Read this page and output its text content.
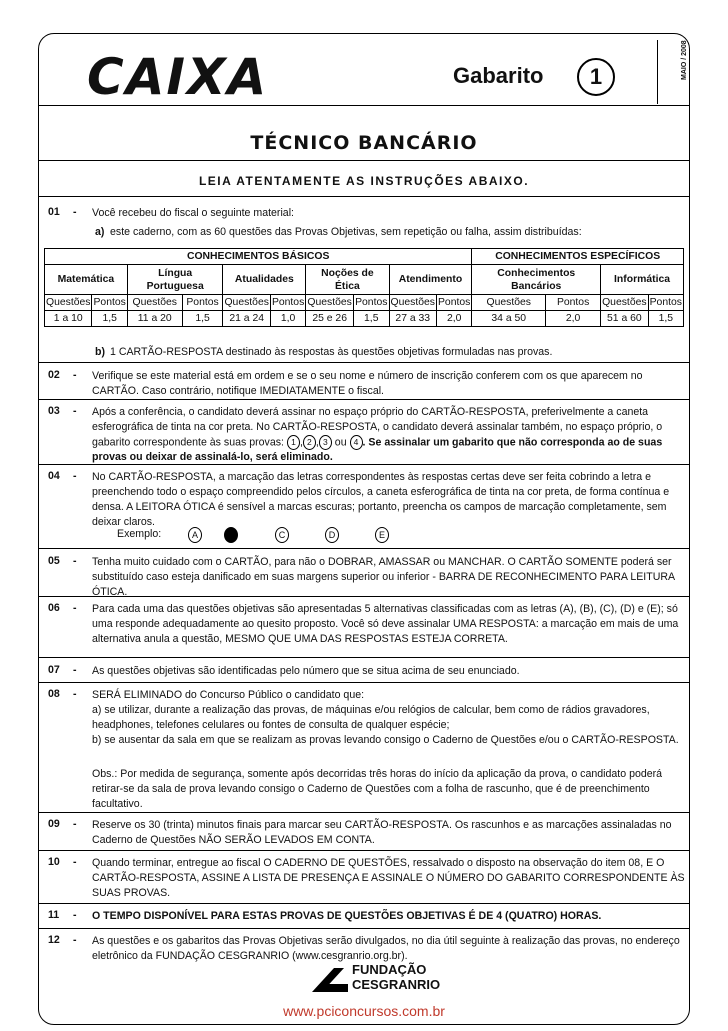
CAIXA	Gabarito	1	MAIO / 2008
TÉCNICO BANCÁRIO
LEIA ATENTAMENTE AS INSTRUÇÕES ABAIXO.
01 - Você recebeu do fiscal o seguinte material:
a) este caderno, com as 60 questões das Provas Objetivas, sem repetição ou falha, assim distribuídas:
CONHECIMENTOS BÁSICOS										CONHECIMENTOS ESPECÍFICOS			
Matemática		Língua Portuguesa		Atualidades		Noções de Ética		Atendimento		Conhecimentos Bancários		Informática	
Questões	Pontos	Questões	Pontos	Questões	Pontos	Questões	Pontos	Questões	Pontos	Questões	Pontos	Questões	Pontos
1 a 10	1,5	11 a 20	1,5	21 a 24	1,0	25 e 26	1,5	27 a 33	2,0	34 a 50	2,0	51 a 60	1,5
b) 1 CARTÃO-RESPOSTA destinado às respostas às questões objetivas formuladas nas provas.
02 - Verifique se este material está em ordem e se o seu nome e número de inscrição conferem com os que aparecem no CARTÃO. Caso contrário, notifique IMEDIATAMENTE o fiscal.
03 - Após a conferência, o candidato deverá assinar no espaço próprio do CARTÃO-RESPOSTA, preferivelmente a caneta esferográfica de tinta na cor preta. No CARTÃO-RESPOSTA, o candidato deverá assinalar também, no espaço próprio, o
gabarito correspondente às suas provas: 1 , 2 , 3 ou 4 . Se assinalar um gabarito que não corresponda ao de suas provas ou deixar de assinalá-lo, será eliminado.
04 - No CARTÃO-RESPOSTA, a marcação das letras correspondentes às respostas certas deve ser feita cobrindo a letra e preenchendo todo o espaço compreendido pelos círculos, a caneta esferográfica de tinta na cor preta, de forma contínua e densa. A LEITORA ÓTICA é sensível a marcas escuras; portanto, preencha os campos de marcação completamente, sem deixar claros.
Exemplo:	A	C	D	E
05 - Tenha muito cuidado com o CARTÃO, para não o DOBRAR, AMASSAR ou MANCHAR. O CARTÃO SOMENTE poderá ser substituído caso esteja danificado em suas margens superior ou inferior - BARRA DE RECONHECIMENTO PARA LEITURA ÓTICA.
06 - Para cada uma das questões objetivas são apresentadas 5 alternativas classificadas com as letras (A), (B), (C), (D) e (E); só uma responde adequadamente ao quesito proposto. Você só deve assinalar UMA RESPOSTA: a marcação em mais de uma alternativa anula a questão, MESMO QUE UMA DAS RESPOSTAS ESTEJA CORRETA.
07 - As questões objetivas são identificadas pelo número que se situa acima de seu enunciado.
08 - SERÁ ELIMINADO do Concurso Público o candidato que:
a) se utilizar, durante a realização das provas, de máquinas e/ou relógios de calcular, bem como de rádios gravadores, headphones, telefones celulares ou fontes de consulta de qualquer espécie;
b) se ausentar da sala em que se realizam as provas levando consigo o Caderno de Questões e/ou o CARTÃO-RESPOSTA.
Obs.: Por medida de segurança, somente após decorridas três horas do início da aplicação da prova, o candidato poderá retirar-se da sala de prova levando consigo o Caderno de Questões com a folha de rascunho, que é de preenchimento facultativo.
09 - Reserve os 30 (trinta) minutos finais para marcar seu CARTÃO-RESPOSTA. Os rascunhos e as marcações assinaladas no Caderno de Questões NÃO SERÃO LEVADOS EM CONTA.
10 - Quando terminar, entregue ao fiscal O CADERNO DE QUESTÕES, ressalvado o disposto na observação do item 08, E O CARTÃO-RESPOSTA, ASSINE A LISTA DE PRESENÇA E ASSINALE O NÚMERO DO GABARITO CORRESPONDENTE ÀS SUAS PROVAS.
11 - O TEMPO DISPONÍVEL PARA ESTAS PROVAS DE QUESTÕES OBJETIVAS É DE 4 (QUATRO) HORAS.
12 - As questões e os gabaritos das Provas Objetivas serão divulgados, no dia útil seguinte à realização das provas, no endereço eletrônico da FUNDAÇÃO CESGRANRIO (www.cesgranrio.org.br).
FUNDAÇÃO
CESGRANRIO
www.pciconcursos.com.br
